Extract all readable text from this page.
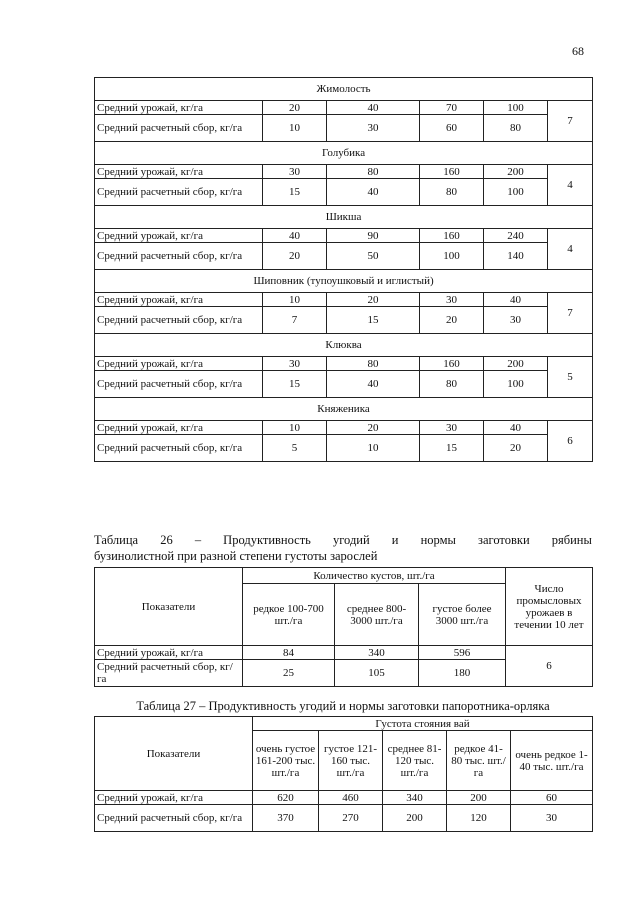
68
Жимолость					
Средний урожай, кг/га	20	40	70	100	7
Средний расчетный сбор, кг/га	10	30	60	80	
Голубика					
Средний урожай, кг/га	30	80	160	200	4
Средний расчетный сбор, кг/га	15	40	80	100	
Шикша					
Средний урожай, кг/га	40	90	160	240	4
Средний расчетный сбор, кг/га	20	50	100	140	
Шиповник (тупоушковый и иглистый)					
Средний урожай, кг/га	10	20	30	40	7
Средний расчетный сбор, кг/га	7	15	20	30	
Клюква					
Средний урожай, кг/га	30	80	160	200	5
Средний расчетный сбор, кг/га	15	40	80	100	
Княженика					
Средний урожай, кг/га	10	20	30	40	6
Средний расчетный сбор, кг/га	5	10	15	20	
Таблица 26 – Продуктивность угодий и нормы заготовки рябины
бузинолистной при разной степени густоты зарослей
Показатели	Количество кустов, шт./га			Число промысловых урожаев в течении 10 лет
	редкое 100-700 шт./га	среднее 800-3000 шт./га	густое более 3000 шт./га	
Средний урожай, кг/га	84	340	596	6
Средний расчетный сбор, кг/га	25	105	180	
Таблица 27 – Продуктивность угодий и нормы заготовки папоротника-орляка
Показатели	Густота стояния вай				
	очень густое 161-200 тыс. шт./га	густое 121-160 тыс. шт./га	среднее 81-120 тыс. шт./га	редкое 41-80 тыс. шт./га	очень редкое 1-40 тыс. шт./га
Средний урожай, кг/га	620	460	340	200	60
Средний расчетный сбор, кг/га	370	270	200	120	30
